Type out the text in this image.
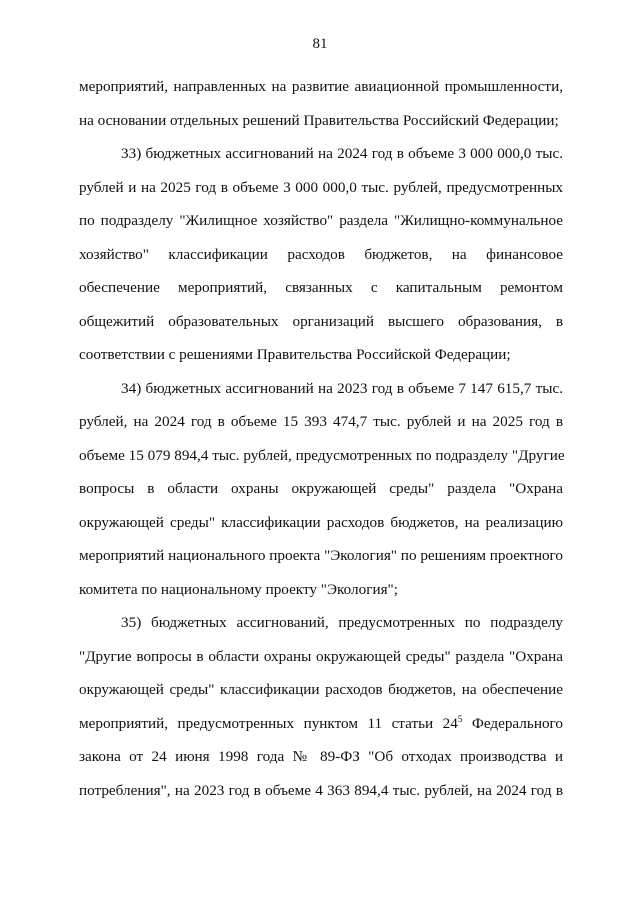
81
мероприятий, направленных на развитие авиационной промышленности,
на основании отдельных решений Правительства Российский Федерации;
33) бюджетных ассигнований на 2024 год в объеме 3 000 000,0 тыс.
рублей и на 2025 год в объеме 3 000 000,0 тыс. рублей, предусмотренных
по подразделу "Жилищное хозяйство" раздела "Жилищно-коммунальное
хозяйство" классификации расходов бюджетов, на финансовое
обеспечение мероприятий, связанных с капитальным ремонтом
общежитий образовательных организаций высшего образования, в
соответствии с решениями Правительства Российской Федерации;
34) бюджетных ассигнований на 2023 год в объеме 7 147 615,7 тыс.
рублей, на 2024 год в объеме 15 393 474,7 тыс. рублей и на 2025 год в
объеме 15 079 894,4 тыс. рублей, предусмотренных по подразделу "Другие
вопросы в области охраны окружающей среды" раздела "Охрана
окружающей среды" классификации расходов бюджетов, на реализацию
мероприятий национального проекта "Экология" по решениям проектного
комитета по национальному проекту "Экология";
35) бюджетных ассигнований, предусмотренных по подразделу
"Другие вопросы в области охраны окружающей среды" раздела "Охрана
окружающей среды" классификации расходов бюджетов, на обеспечение
мероприятий, предусмотренных пунктом 11 статьи $24^5$ Федерального
закона от 24 июня 1998 года № 89-ФЗ "Об отходах производства и
потребления", на 2023 год в объеме 4 363 894,4 тыс. рублей, на 2024 год в
